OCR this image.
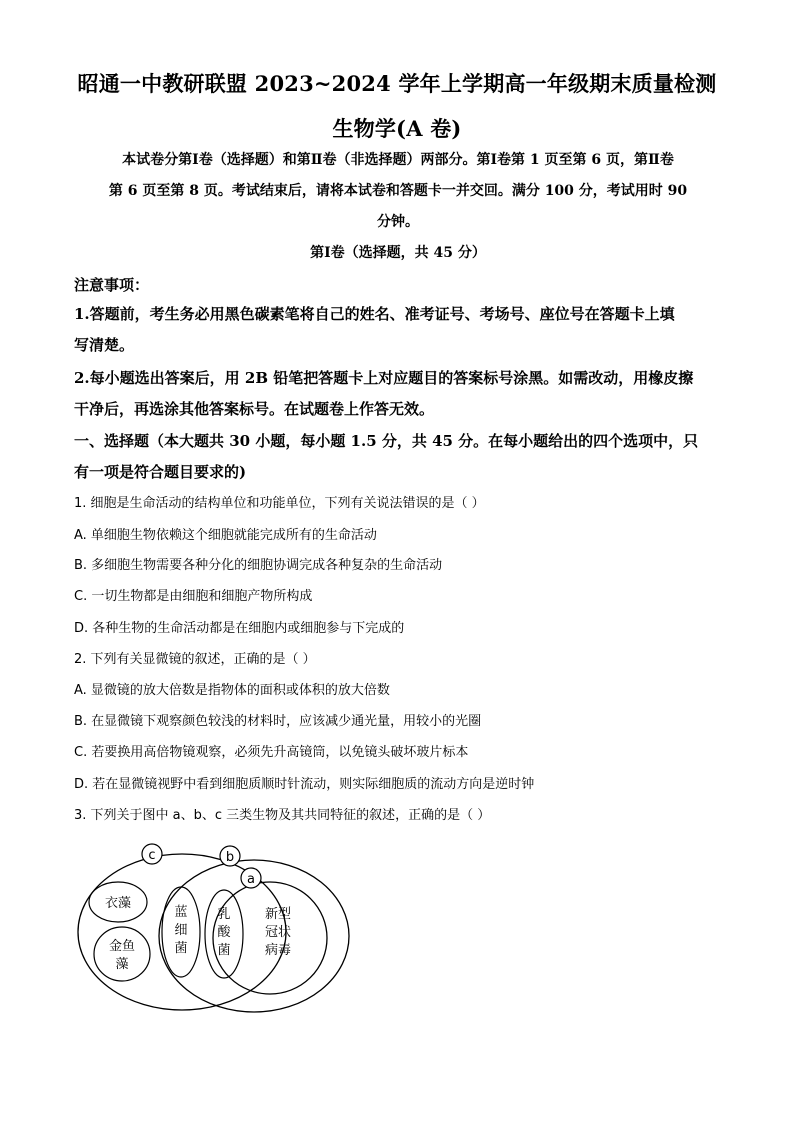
昭通一中教研联盟 2023~2024 学年上学期高一年级期末质量检测
生物学(A 卷)
本试卷分第Ⅰ卷（选择题）和第Ⅱ卷（非选择题）两部分。第Ⅰ卷第 1 页至第 6 页，第Ⅱ卷
第 6 页至第 8 页。考试结束后，请将本试卷和答题卡一并交回。满分 100 分，考试用时 90
分钟。
第Ⅰ卷（选择题，共 45 分）
注意事项：
1.答题前，考生务必用黑色碳素笔将自己的姓名、准考证号、考场号、座位号在答题卡上填
写清楚。
2.每小题选出答案后，用 2B 铅笔把答题卡上对应题目的答案标号涂黑。如需改动，用橡皮擦
干净后，再选涂其他答案标号。在试题卷上作答无效。
一、选择题（本大题共 30 小题，每小题 1.5 分，共 45 分。在每小题给出的四个选项中，只
有一项是符合题目要求的)
1. 细胞是生命活动的结构单位和功能单位，下列有关说法错误的是（ ）
A. 单细胞生物依赖这个细胞就能完成所有的生命活动
B. 多细胞生物需要各种分化的细胞协调完成各种复杂的生命活动
C. 一切生物都是由细胞和细胞产物所构成
D. 各种生物的生命活动都是在细胞内或细胞参与下完成的
2. 下列有关显微镜的叙述，正确的是（ ）
A. 显微镜的放大倍数是指物体的面积或体积的放大倍数
B. 在显微镜下观察颜色较浅的材料时，应该减少通光量，用较小的光圈
C. 若要换用高倍物镜观察，必须先升高镜筒，以免镜头破坏玻片标本
D. 若在显微镜视野中看到细胞质顺时针流动，则实际细胞质的流动方向是逆时钟
3. 下列关于图中 a、b、c 三类生物及其共同特征的叙述，正确的是（ ）
c	b
a
衣藻
金鱼
藻
蓝
细
菌
乳
酸
菌
新型
冠状
病毒
